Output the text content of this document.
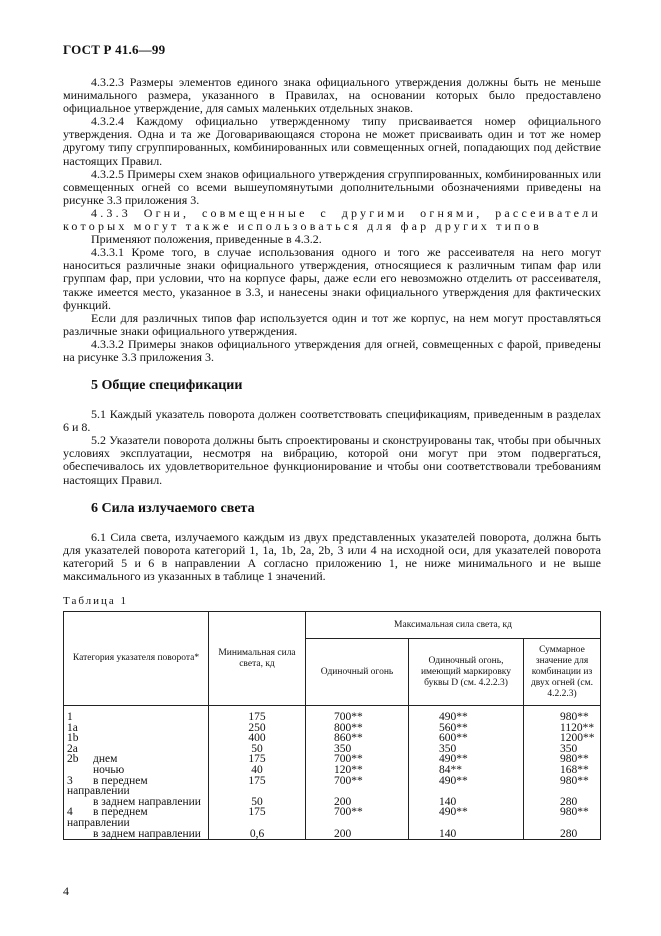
ГОСТ Р 41.6—99

4.3.2.3 Размеры элементов единого знака официального утверждения должны быть не меньше минимального размера, указанного в Правилах, на основании которых было предоставлено официальное утверждение, для самых маленьких отдельных знаков.

4.3.2.4 Каждому официально утвержденному типу присваивается номер официального утверждения. Одна и та же Договаривающаяся сторона не может присваивать один и тот же номер другому типу сгруппированных, комбинированных или совмещенных огней, попадающих под действие настоящих Правил.

4.3.2.5 Примеры схем знаков официального утверждения сгруппированных, комбинированных или совмещенных огней со всеми вышеупомянутыми дополнительными обозначениями приведены на рисунке 3.3 приложения 3.

4.3.3 Огни, совмещенные с другими огнями, рассеиватели которых могут также использоваться для фар других типов

Применяют положения, приведенные в 4.3.2.

4.3.3.1 Кроме того, в случае использования одного и того же рассеивателя на него могут наноситься различные знаки официального утверждения, относящиеся к различным типам фар или группам фар, при условии, что на корпусе фары, даже если его невозможно отделить от рассеивателя, также имеется место, указанное в 3.3, и нанесены знаки официального утверждения для фактических функций.

Если для различных типов фар используется один и тот же корпус, на нем могут проставляться различные знаки официального утверждения.

4.3.3.2 Примеры знаков официального утверждения для огней, совмещенных с фарой, приведены на рисунке 3.3 приложения 3.

5 Общие спецификации

5.1 Каждый указатель поворота должен соответствовать спецификациям, приведенным в разделах 6 и 8.

5.2 Указатели поворота должны быть спроектированы и сконструированы так, чтобы при обычных условиях эксплуатации, несмотря на вибрацию, которой они могут при этом подвергаться, обеспечивалось их удовлетворительное функционирование и чтобы они соответствовали требованиям настоящих Правил.

6 Сила излучаемого света

6.1 Сила света, излучаемого каждым из двух представленных указателей поворота, должна быть для указателей поворота категорий 1, 1а, 1b, 2а, 2b, 3 или 4 на исходной оси, для указателей поворота категорий 5 и 6 в направлении А согласно приложению 1, не ниже минимального и не выше максимального из указанных в таблице 1 значений.

Таблица 1

Категория указателя поворота*	Минимальная сила света, кд	Максимальная сила света, кд		
		Одиночный огонь	Одиночный огонь, имеющий маркировку буквы D (см. 4.2.2.3)	Суммарное значение для комбинации из двух огней (см. 4.2.2.3)
1	175	700**	490**	980**
1a	250	800**	560**	1120**
1b	400	860**	600**	1200**
2a	50	350	350	350
2b днем	175	700**	490**	980**
ночью	40	120**	84**	168**
3 в переднем направлении	175	700**	490**	980**
в заднем направлении	50	200	140	280
4 в переднем направлении	175	700**	490**	980**
в заднем направлении	0,6	200	140	280
4
